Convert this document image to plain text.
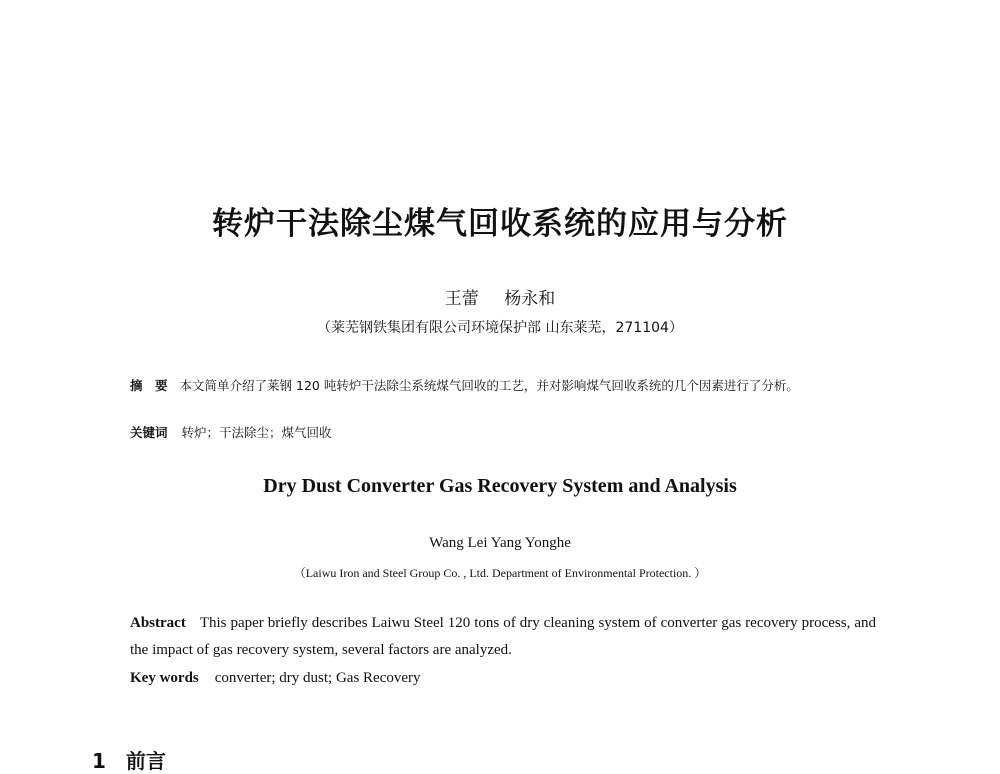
转炉干法除尘煤气回收系统的应用与分析
王蕾 杨永和
（莱芜钢铁集团有限公司环境保护部 山东莱芜，271104）
摘　要 本文简单介绍了莱钢 120 吨转炉干法除尘系统煤气回收的工艺，并对影响煤气回收系统的几个因素进行了分析。
关键词 转炉；干法除尘；煤气回收
Dry Dust Converter Gas Recovery System and Analysis
Wang Lei Yang Yonghe
（Laiwu Iron and Steel Group Co. , Ltd. Department of Environmental Protection. ）
Abstract This paper briefly describes Laiwu Steel 120 tons of dry cleaning system of converter gas recovery process, and the impact of gas recovery system, several factors are analyzed.
Key words converter; dry dust; Gas Recovery
1 前言
